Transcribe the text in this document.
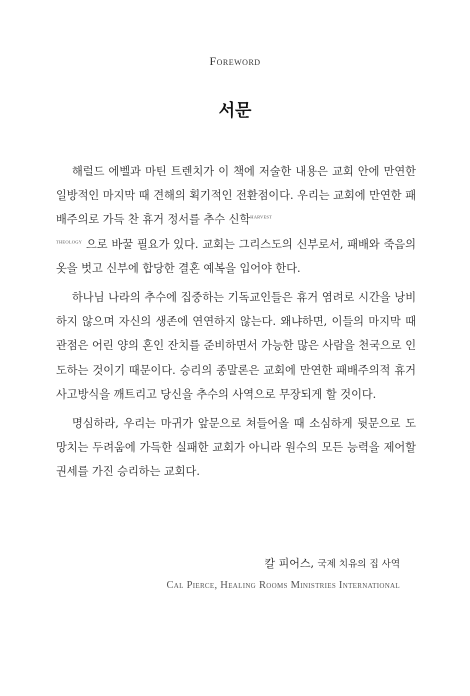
Foreword
서문

해럴드 에벨과 마틴 트렌치가 이 책에 저술한 내용은 교회 안에 만연한 일방적인 마지막 때 견해의 획기적인 전환점이다. 우리는 교회에 만연한 패배주의로 가득 찬 휴거 정서를 추수 신학$^{HARVEST}$
$^{THEOLOGY}$ 으로 바꿀 필요가 있다. 교회는 그리스도의 신부로서, 패배와 죽음의 옷을 벗고 신부에 합당한 결혼 예복을 입어야 한다.

하나님 나라의 추수에 집중하는 기독교인들은 휴거 염려로 시간을 낭비하지 않으며 자신의 생존에 연연하지 않는다. 왜냐하면, 이들의 마지막 때 관점은 어린 양의 혼인 잔치를 준비하면서 가능한 많은 사람을 천국으로 인도하는 것이기 때문이다. 승리의 종말론은 교회에 만연한 패배주의적 휴거 사고방식을 깨트리고 당신을 추수의 사역으로 무장되게 할 것이다.

명심하라, 우리는 마귀가 앞문으로 쳐들어올 때 소심하게 뒷문으로 도망치는 두려움에 가득한 실패한 교회가 아니라 원수의 모든 능력을 제어할 권세를 가진 승리하는 교회다.

칼 피어스, 국제 치유의 집 사역
Cal Pierce, Healing Rooms Ministries International
